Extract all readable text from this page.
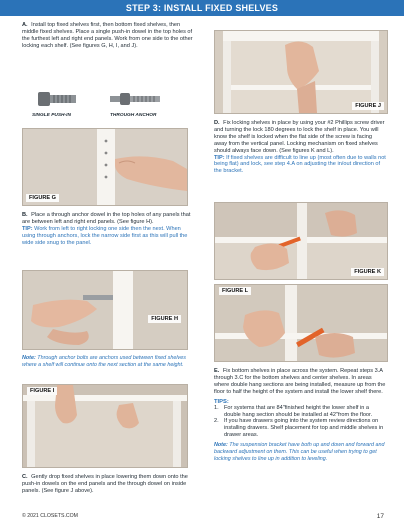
STEP 3: INSTALL FIXED SHELVES

A. Install top fixed shelves first, then bottom fixed shelves, then middle fixed shelves. Place a single push-in dowel in the top holes of the furthest left and right end panels. Work from one side to the other locking each shelf. (See figures G, H, I, and J).

SINGLE PUSH-IN	THROUGH ANCHOR
FIGURE G

B. Place a through anchor dowel in the top holes of any panels that are between left and right end panels. (See figure H).

TIP: Work from left to right locking one side then the next. When using through anchors, lock the narrow side first as this will pull the wide side snug to the panel.

FIGURE H

Note: Through anchor bolts are anchors used between fixed shelves where a shelf will continue onto the next section at the same height.

FIGURE I

C. Gently drop fixed shelves in place lowering them down onto the push-in dowels on the end panels and the through dowel on inside panels. (See figure J above).

FIGURE J

D. Fix locking shelves in place by using your #2 Phillips screw driver and turning the lock 180 degrees to lock the shelf in place. You will know the shelf is locked when the flat side of the screw is facing away from the vertical panel. Locking mechanism on fixed shelves should always face down. (See figures K and L).

TIP: If fixed shelves are difficult to line up (most often due to walls not being flat) and lock, see step 4.A on adjusting the in/out direction of the bracket.

FIGURE K
FIGURE L

E. Fix bottom shelves in place across the system. Repeat steps 3.A through 3.C for the bottom shelves and center shelves. In areas where double hang sections are being installed, measure up from the floor to half the height of the system and install the lower shelf there.

TIPS:

1. For systems that are 84"finished height the lower shelf in a double hang section should be installed at 42"from the floor.
2. If you have drawers going into the system review directions on installing drawers. Shelf placement for top and middle shelves in drawer areas.

Note: The suspension bracket have both up and down and forward and backward adjustment on them. This can be useful when trying to get locking shelves to line up in addition to leveling.

© 2021 CLOSETS.COM	17
